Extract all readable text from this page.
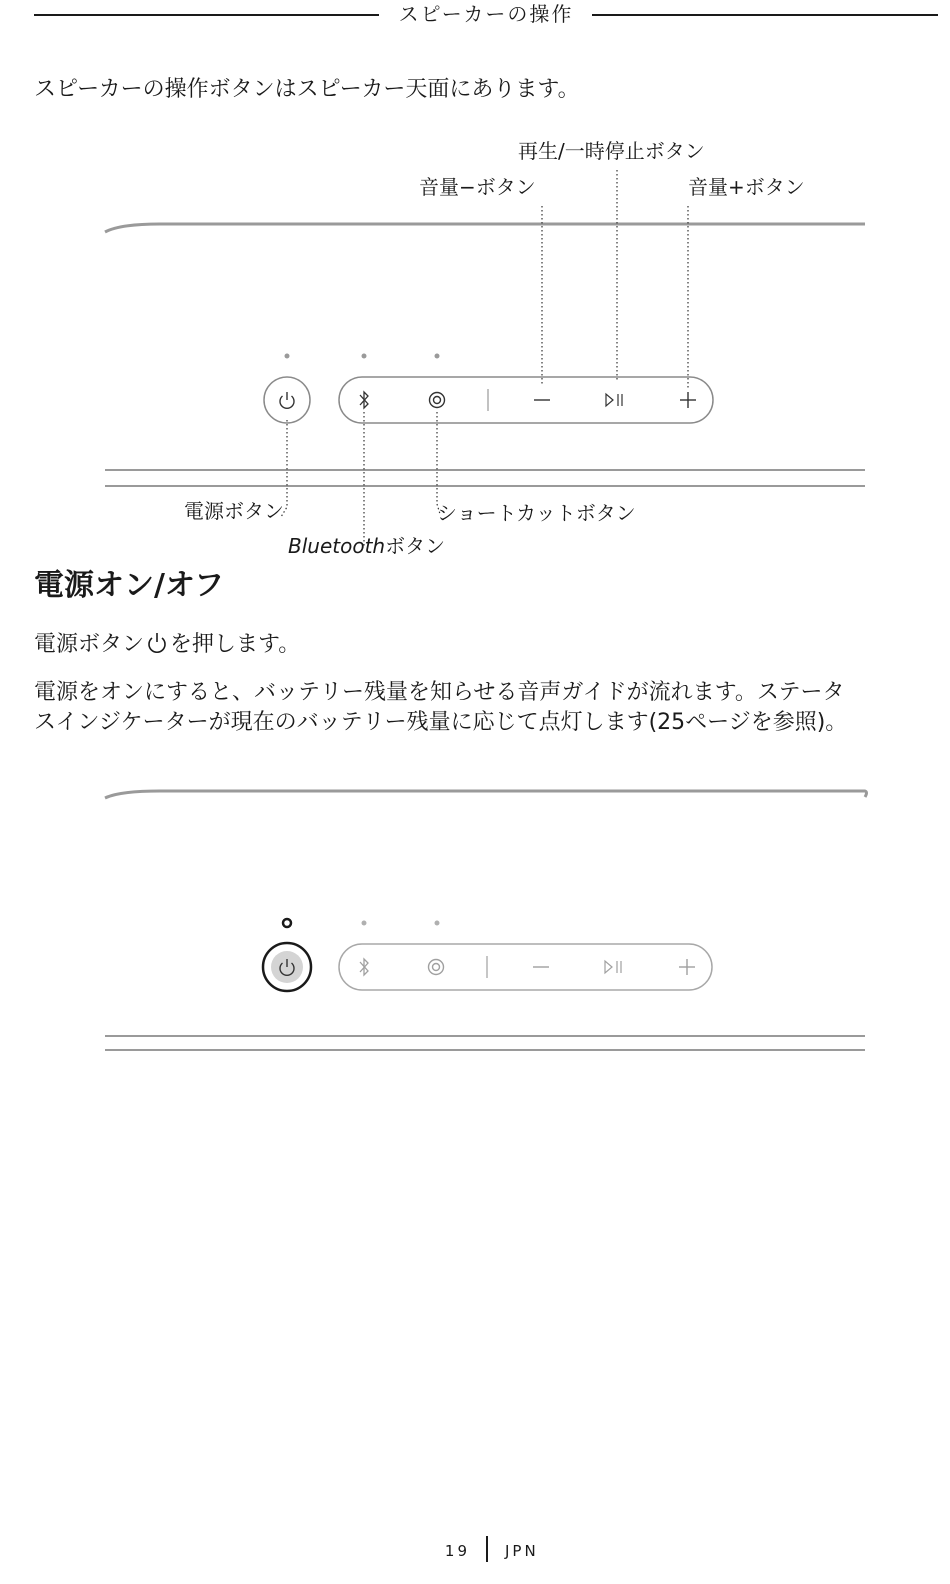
スピーカーの操作
スピーカーの操作ボタンはスピーカー天面にあります。
再生/一時停止ボタン
音量−ボタン	音量+ボタン
電源ボタン	ショートカットボタン
Bluetoothボタン
電源オン/オフ
電源ボタン を押します。
電源をオンにすると、バッテリー残量を知らせる音声ガイドが流れます。ステータ
スインジケーターが現在のバッテリー残量に応じて点灯します(25ページを参照)。
19 JPN
